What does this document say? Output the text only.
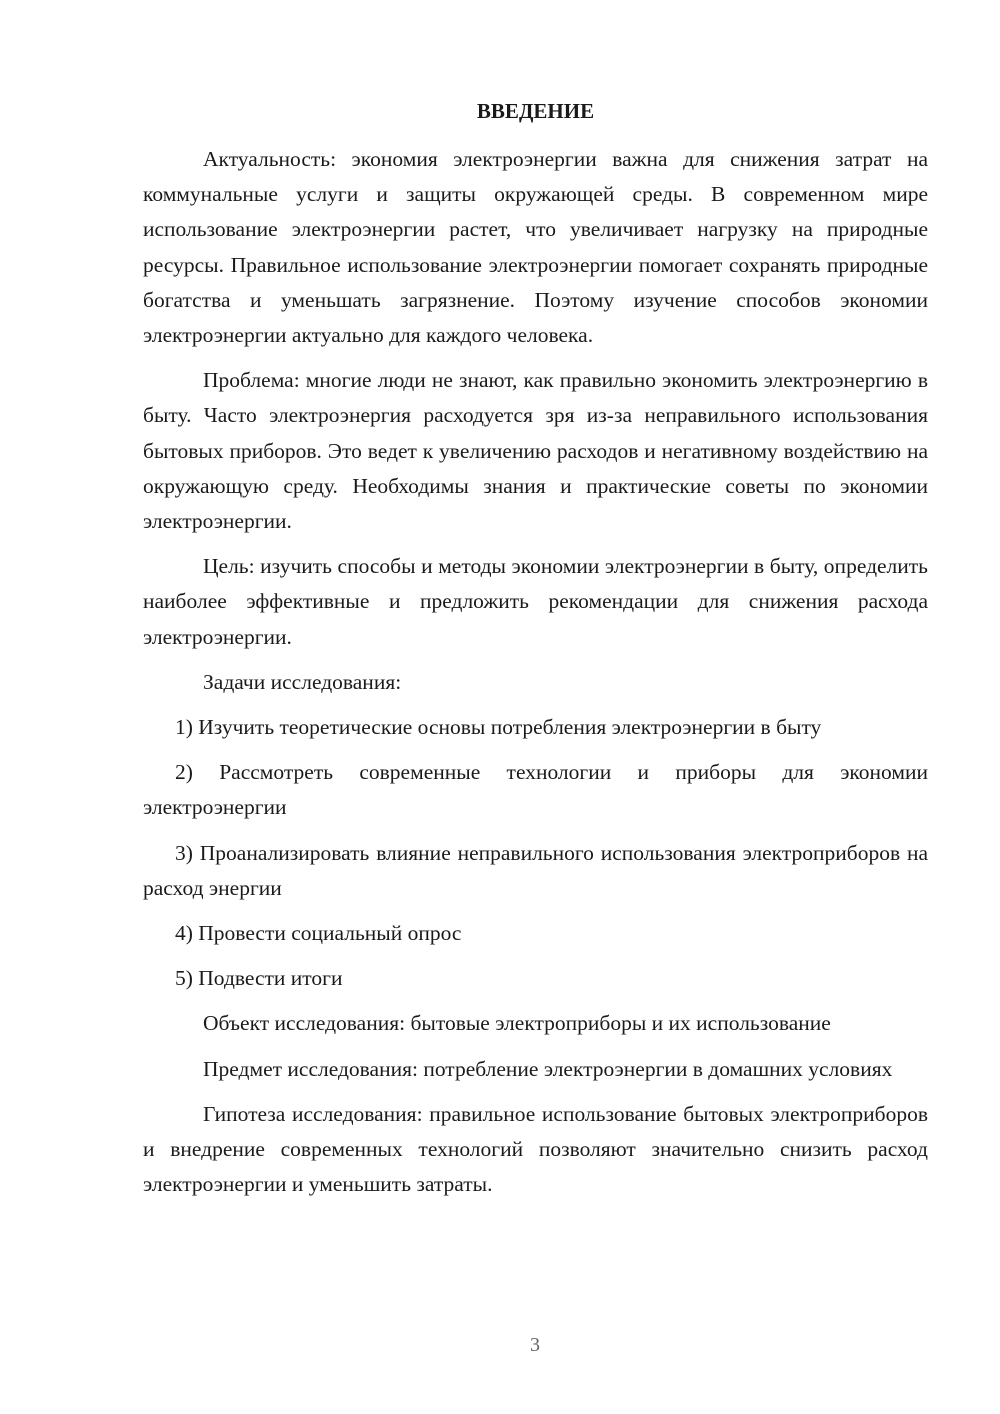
ВВЕДЕНИЕ

Актуальность: экономия электроэнергии важна для снижения затрат на коммунальные услуги и защиты окружающей среды. В современном мире использование электроэнергии растет, что увеличивает нагрузку на природные ресурсы. Правильное использование электроэнергии помогает сохранять природные богатства и уменьшать загрязнение. Поэтому изучение способов экономии электроэнергии актуально для каждого человека.

Проблема: многие люди не знают, как правильно экономить электроэнергию в быту. Часто электроэнергия расходуется зря из-за неправильного использования бытовых приборов. Это ведет к увеличению расходов и негативному воздействию на окружающую среду. Необходимы знания и практические советы по экономии электроэнергии.

Цель: изучить способы и методы экономии электроэнергии в быту, определить наиболее эффективные и предложить рекомендации для снижения расхода электроэнергии.

Задачи исследования:

1) Изучить теоретические основы потребления электроэнергии в быту

2) Рассмотреть современные технологии и приборы для экономии электроэнергии

3) Проанализировать влияние неправильного использования электроприборов на расход энергии

4) Провести социальный опрос

5) Подвести итоги

Объект исследования: бытовые электроприборы и их использование

Предмет исследования: потребление электроэнергии в домашних условиях

Гипотеза исследования: правильное использование бытовых электроприборов и внедрение современных технологий позволяют значительно снизить расход электроэнергии и уменьшить затраты.

3
